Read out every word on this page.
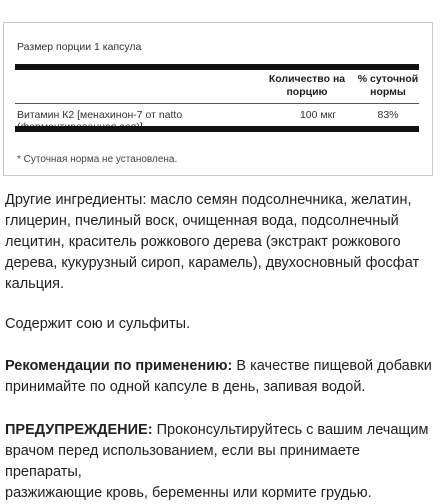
Размер порции 1 капсула
Количество на
порцию
% суточной
нормы
Витамин К2 [менахинон-7 от natto	100 мкг	83%
* Суточная норма не установлена.
Другие ингредиенты: масло семян подсолнечника, желатин,
глицерин, пчелиный воск, очищенная вода, подсолнечный
лецитин, краситель рожкового дерева (экстракт рожкового
дерева, кукурузный сироп, карамель), двухосновный фосфат
кальция.
Содержит сою и сульфиты.
Рекомендации по применению: В качестве пищевой добавки
принимайте по одной капсуле в день, запивая водой.
ПРЕДУПРЕЖДЕНИЕ: Проконсультируйтесь с вашим лечащим
врачом перед использованием, если вы принимаете препараты,
разжижающие кровь, беременны или кормите грудью.
